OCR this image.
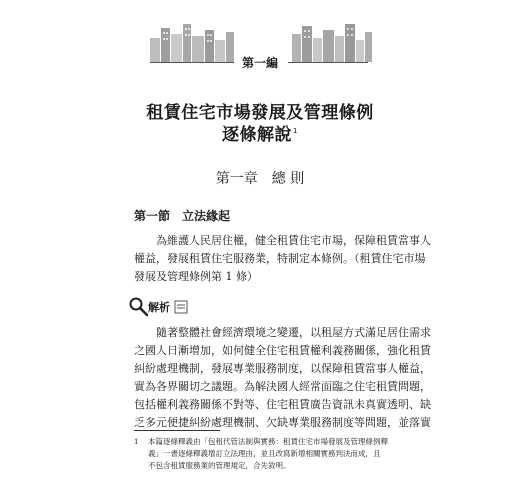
第一編
租賃住宅市場發展及管理條例
逐條解說$^1$
第一章　總 則
第一節　立法緣起
為維護人民居住權，健全租賃住宅市場，保障租賃當事人
權益，發展租賃住宅服務業，特制定本條例。（租賃住宅市場
發展及管理條例第 1 條）
解析
隨著整體社會經濟環境之變遷，以租屋方式滿足居住需求
之國人日漸增加，如何健全住宅租賃權利義務關係，強化租賃
糾紛處理機制，發展專業服務制度，以保障租賃當事人權益，
實為各界關切之議題。為解決國人經常面臨之住宅租賃問題，
包括權利義務關係不對等、住宅租賃廣告資訊未真實透明、缺
乏多元便捷糾紛處理機制、欠缺專業服務制度等問題，並落實
1 本篇逐條釋義由「包租代管法制與實務：租賃住宅市場發展及管理條例釋
義」一書逐條釋義增訂立法理由，並且改寫新增相關實務判決而成，且
不包含租賃服務業的管理規定，合先敘明。
